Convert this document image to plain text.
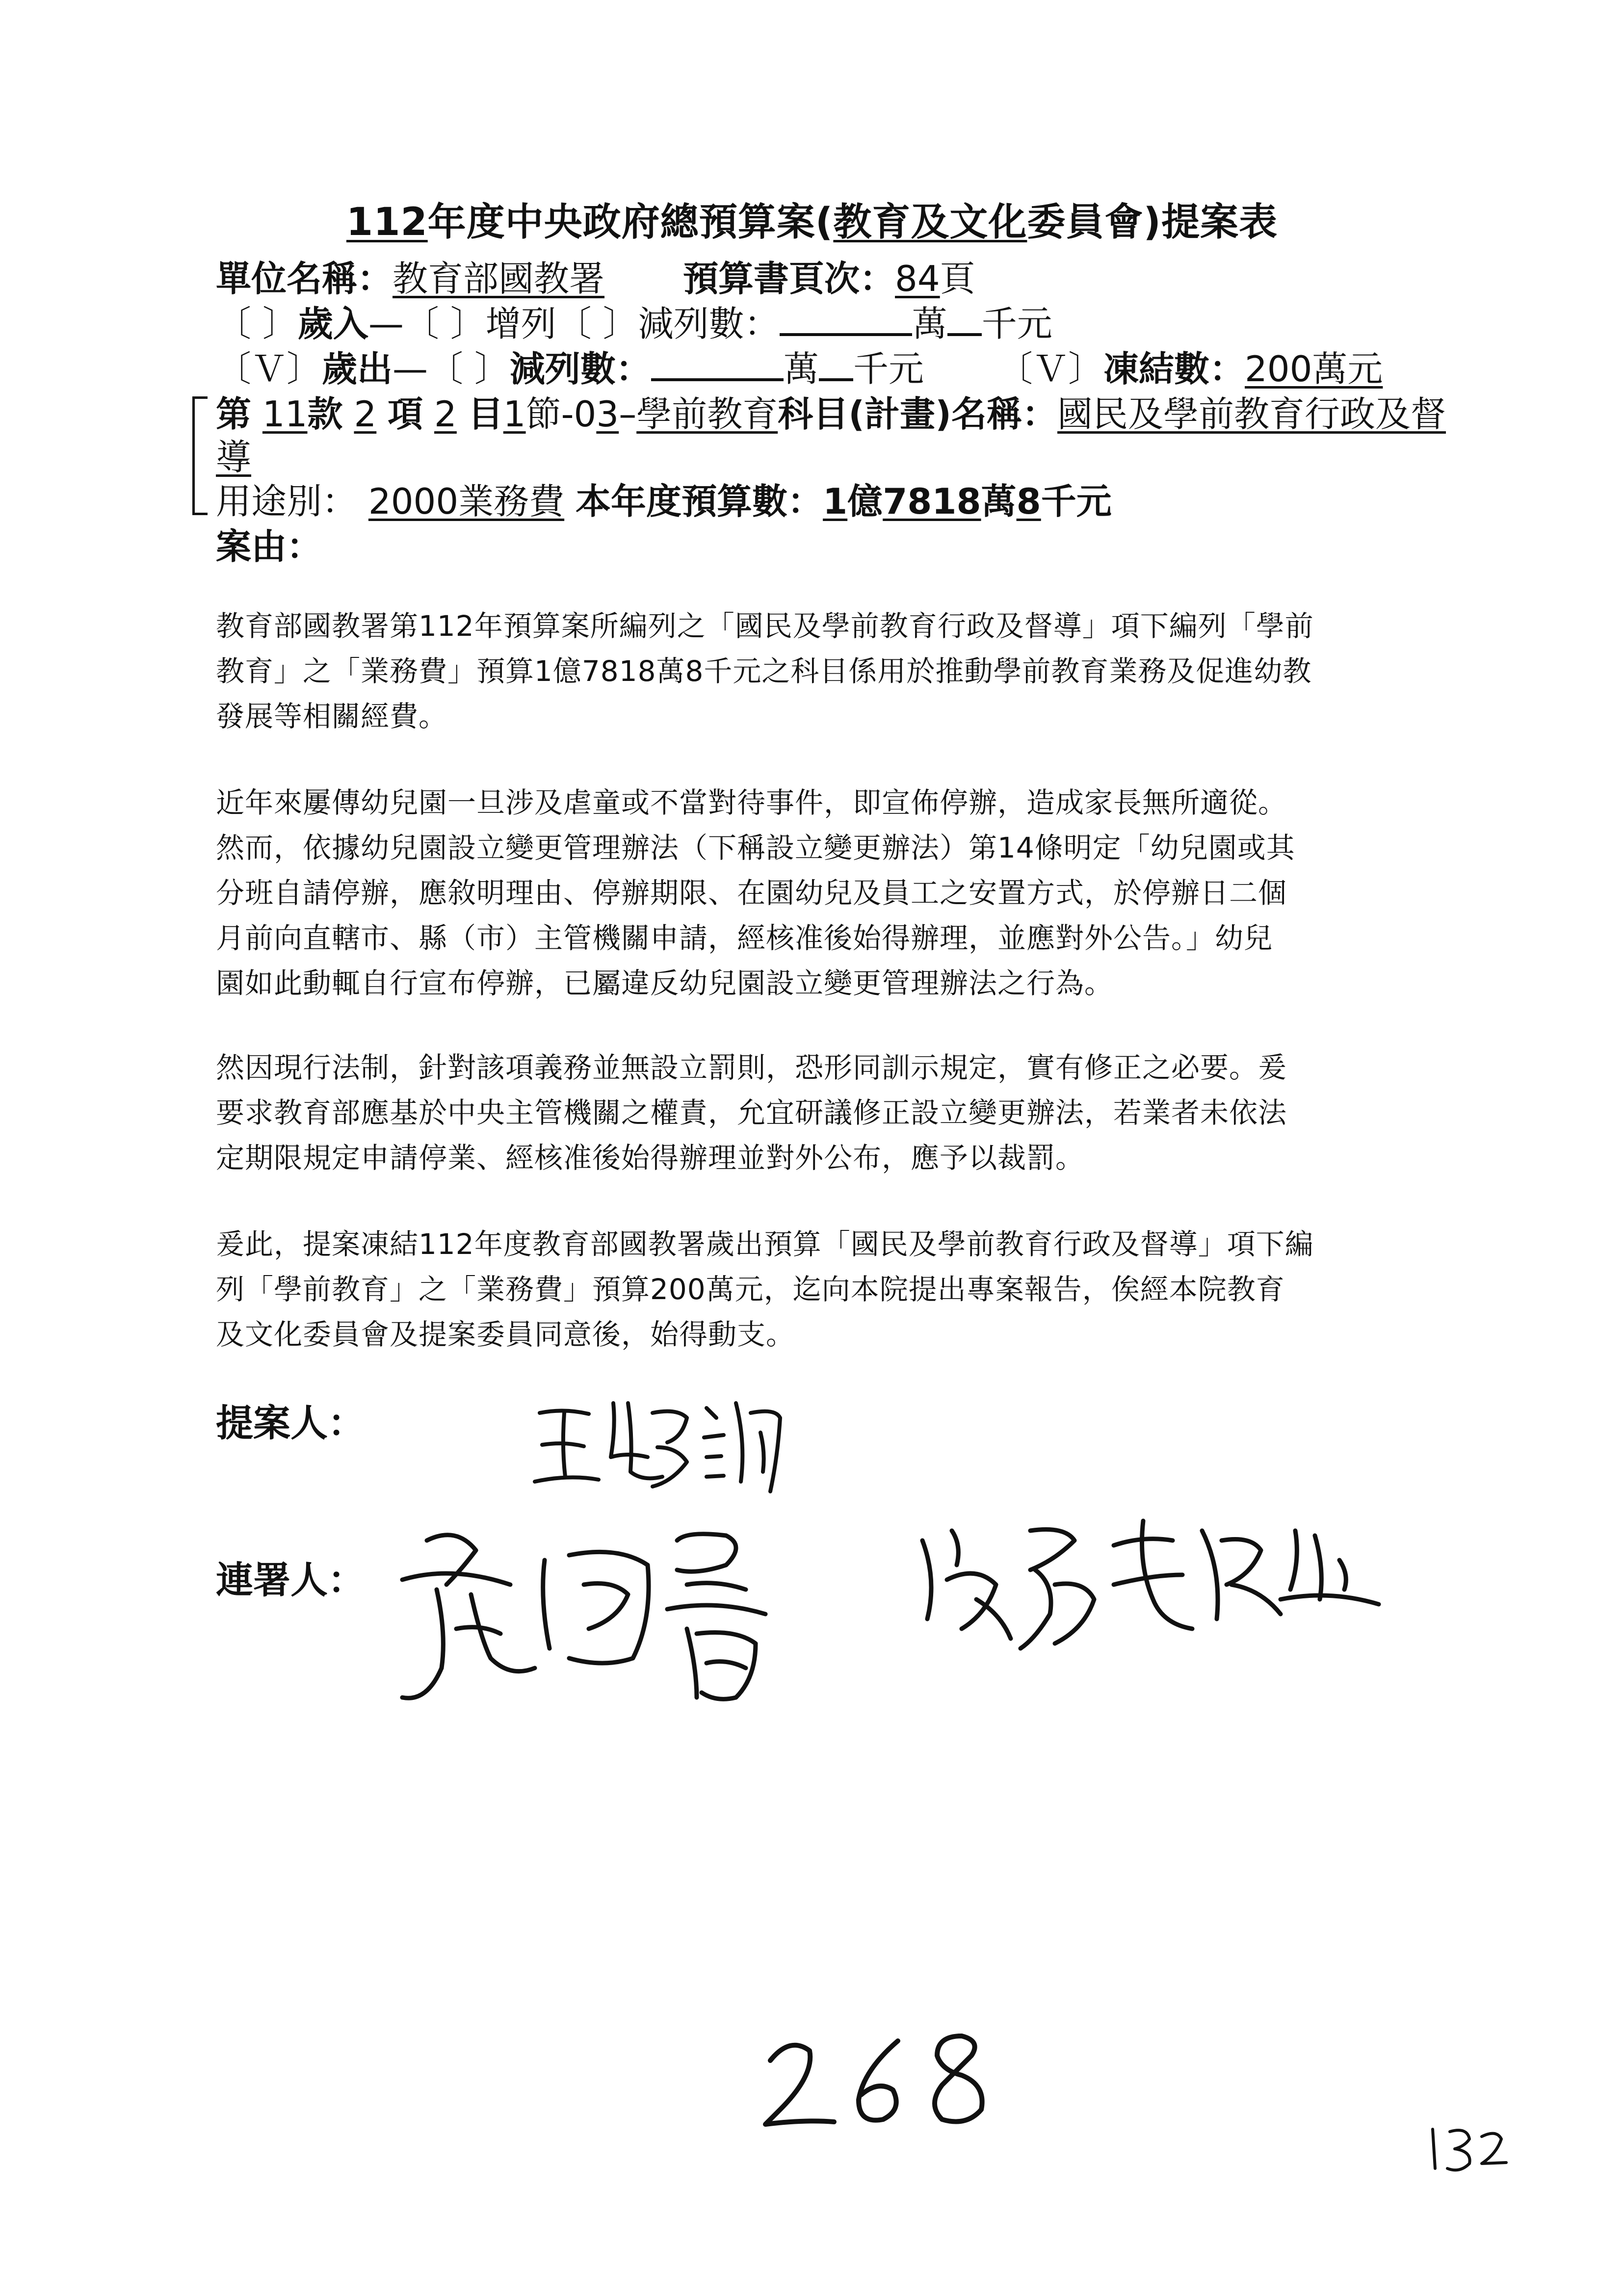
112年度中央政府總預算案(教育及文化委員會)提案表
單位名稱：教育部國教署 預算書頁次：84頁
〔 〕歲入—〔 〕增列〔 〕減列數：	萬 千元
〔Ｖ〕歲出—〔 〕減列數：	萬 千元 〔Ｖ〕凍結數：200萬元
第 11款 2 項 2 目1節-03–學前教育科目(計畫)名稱：國民及學前教育行政及督
導
用途別： 2000業務費 本年度預算數：1億7818萬8千元
案由：
教育部國教署第112年預算案所編列之「國民及學前教育行政及督導」項下編列「學前
教育」之「業務費」預算1億7818萬8千元之科目係用於推動學前教育業務及促進幼教
發展等相關經費。
近年來屢傳幼兒園一旦涉及虐童或不當對待事件，即宣佈停辦，造成家長無所適從。
然而，依據幼兒園設立變更管理辦法（下稱設立變更辦法）第14條明定「幼兒園或其
分班自請停辦，應敘明理由、停辦期限、在園幼兒及員工之安置方式，於停辦日二個
月前向直轄市、縣（市）主管機關申請，經核准後始得辦理，並應對外公告。」幼兒
園如此動輒自行宣布停辦，已屬違反幼兒園設立變更管理辦法之行為。
然因現行法制，針對該項義務並無設立罰則，恐形同訓示規定，實有修正之必要。爰
要求教育部應基於中央主管機關之權責，允宜研議修正設立變更辦法，若業者未依法
定期限規定申請停業、經核准後始得辦理並對外公布，應予以裁罰。
爰此，提案凍結112年度教育部國教署歲出預算「國民及學前教育行政及督導」項下編
列「學前教育」之「業務費」預算200萬元，迄向本院提出專案報告，俟經本院教育
及文化委員會及提案委員同意後，始得動支。
提案人：
連署人：
王婉諭
黃國書
張廖萬堅
268
132
